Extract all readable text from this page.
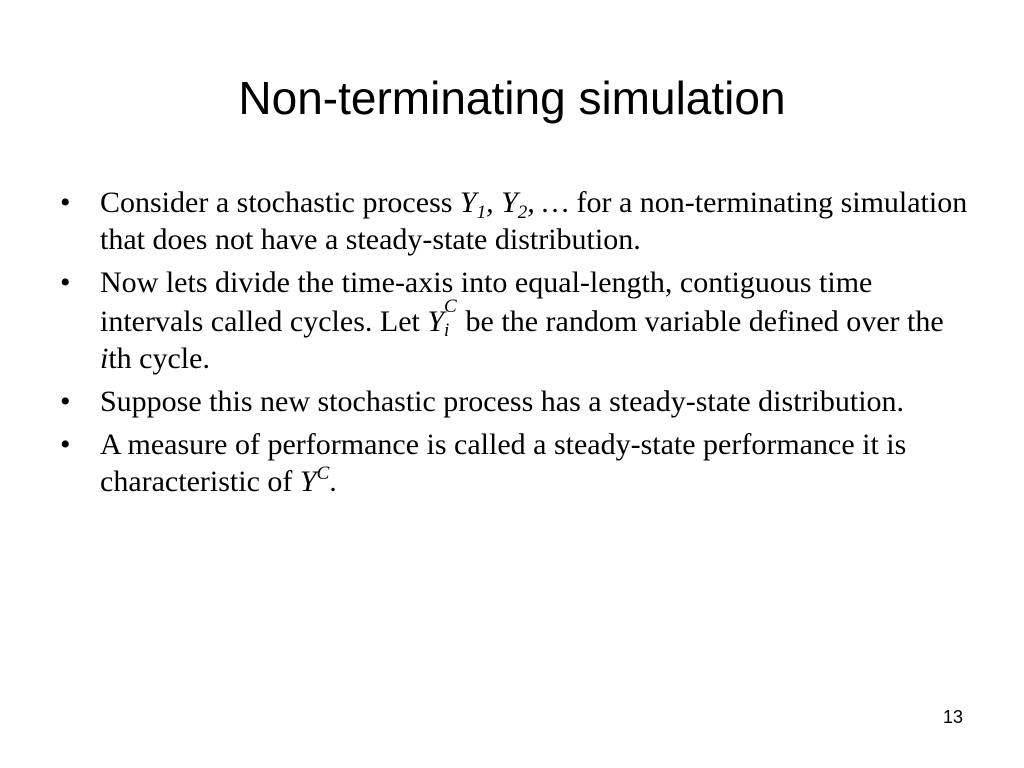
Non-terminating simulation
• Consider a stochastic process $Y_1$, $Y_2$, … for a non-terminating simulation that does not have a steady-state distribution.
• Now lets divide the time-axis into equal-length, contiguous time intervals called cycles. Let Y C
i be the random variable defined over the ith cycle.
• Suppose this new stochastic process has a steady-state distribution.
• A measure of performance is called a steady-state performance it is characteristic of $Y^C$.
13
